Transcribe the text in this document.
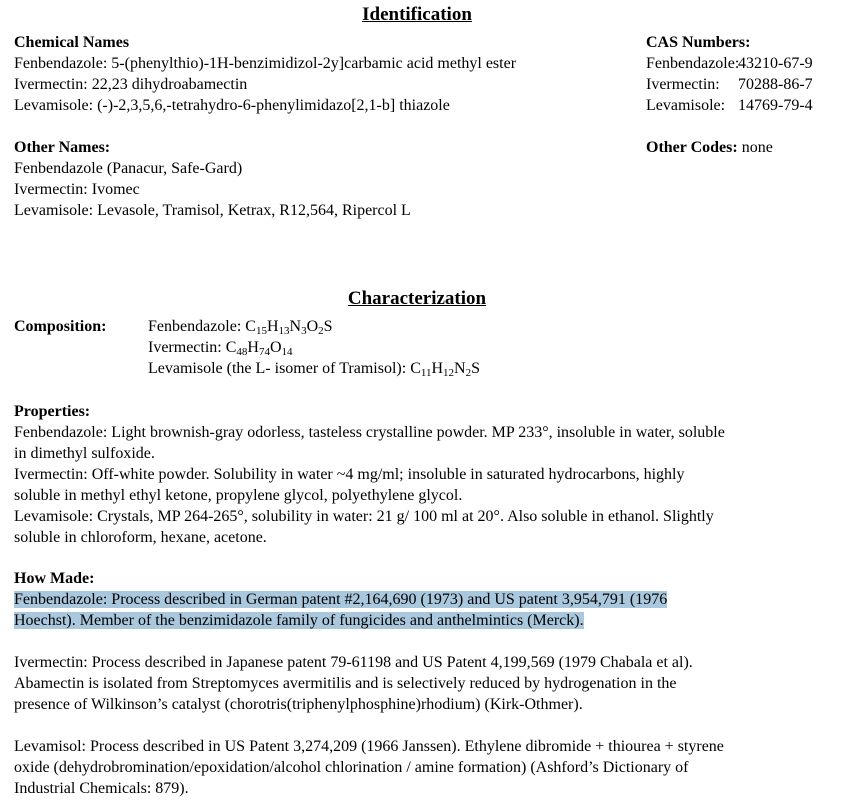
Identification
Chemical Names
Fenbendazole: 5-(phenylthio)-1H-benzimidizol-2y]carbamic acid methyl ester
Ivermectin: 22,23 dihydroabamectin
Levamisole: (-)-2,3,5,6,-tetrahydro-6-phenylimidazo[2,1-b] thiazole
CAS Numbers:
Fenbendazole:
43210-67-9
Ivermectin:	70288-86-7
Levamisole: 14769-79-4
Other Names:
Fenbendazole (Panacur, Safe-Gard)
Ivermectin: Ivomec
Levamisole: Levasole, Tramisol, Ketrax, R12,564, Ripercol L
Other Codes: none
Characterization
Composition:	Fenbendazole: $C_{15}H_{13}N_3O_2S$
Ivermectin: $C_{48}H_{74}O_{14}$
Levamisole (the L- isomer of Tramisol): $C_{11}H_{12}N_2S$
Properties:
Fenbendazole: Light brownish-gray odorless, tasteless crystalline powder. MP 233°, insoluble in water, soluble
in dimethyl sulfoxide.
Ivermectin: Off-white powder. Solubility in water ~4 mg/ml; insoluble in saturated hydrocarbons, highly
soluble in methyl ethyl ketone, propylene glycol, polyethylene glycol.
Levamisole: Crystals, MP 264-265°, solubility in water: 21 g/ 100 ml at 20°. Also soluble in ethanol. Slightly
soluble in chloroform, hexane, acetone.
How Made:
Fenbendazole: Process described in German patent #2,164,690 (1973) and US patent 3,954,791 (1976
Hoechst). Member of the benzimidazole family of fungicides and anthelmintics (Merck).
Ivermectin: Process described in Japanese patent 79-61198 and US Patent 4,199,569 (1979 Chabala et al).
Abamectin is isolated from Streptomyces avermitilis and is selectively reduced by hydrogenation in the
presence of Wilkinson’s catalyst (chorotris(triphenylphosphine)rhodium) (Kirk-Othmer).
Levamisol: Process described in US Patent 3,274,209 (1966 Janssen). Ethylene dibromide + thiourea + styrene
oxide (dehydrobromination/epoxidation/alcohol chlorination / amine formation) (Ashford’s Dictionary of
Industrial Chemicals: 879).
